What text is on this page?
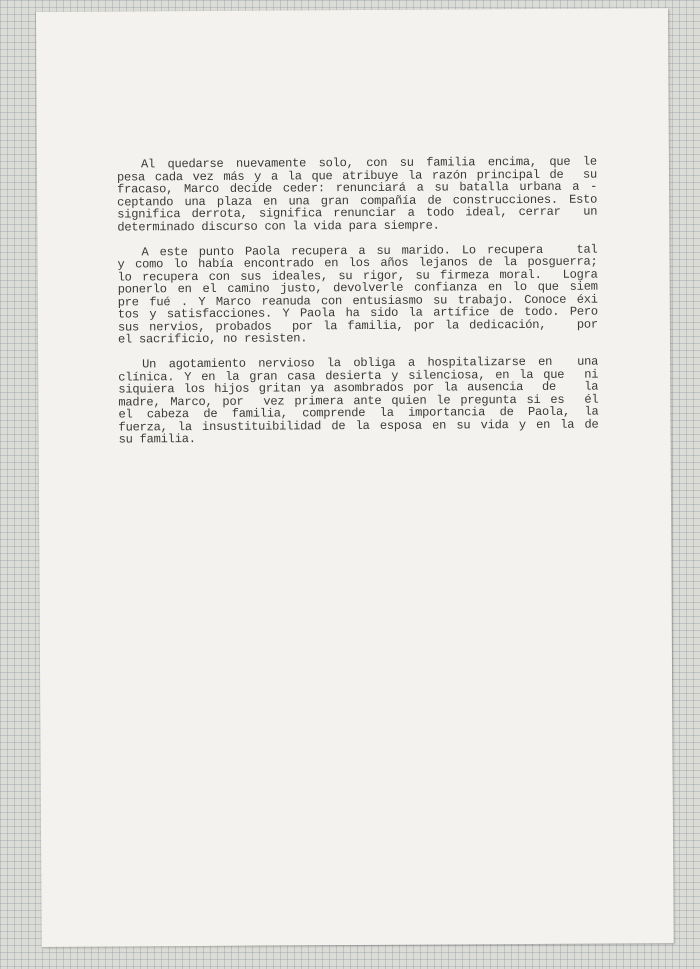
Al quedarse nuevamente solo, con su familia encima, que le
pesa cada vez más y a la que atribuye la razón principal de  su
fracaso, Marco decide ceder: renunciará a su batalla urbana a -
ceptando una plaza en una gran compañía de construcciones. Esto
significa derrota, significa renunciar a todo ideal, cerrar  un
determinado discurso con la vida para siempre.
A este punto Paola recupera a su marido. Lo recupera   tal
y como lo había encontrado en los años lejanos de la posguerra;
lo recupera con sus ideales, su rigor, su firmeza moral.  Logra
ponerlo en el camino justo, devolverle confianza en lo que siem
pre fué . Y Marco reanuda con entusiasmo su trabajo. Conoce éxi
tos y satisfacciones. Y Paola ha sido la artífice de todo. Pero
sus nervios, probados  por la familia, por la dedicación,   por
el sacrificio, no resisten.
Un agotamiento nervioso la obliga a hospitalizarse en  una
clínica. Y en la gran casa desierta y silenciosa, en la que  ni
siquiera los hijos gritan ya asombrados por la ausencia  de   la
madre, Marco, por  vez primera ante quien le pregunta si es  él
el cabeza de familia, comprende la importancia de Paola, la
fuerza, la insustituibilidad de la esposa en su vida y en la de
su familia.
